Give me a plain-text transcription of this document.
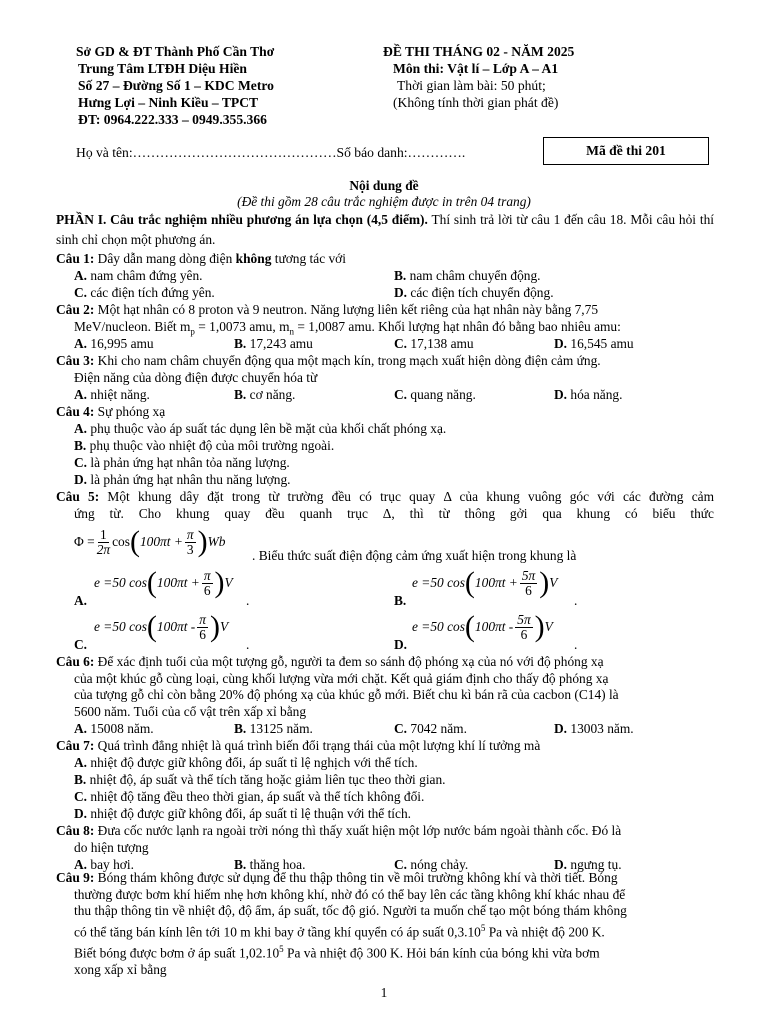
Sở GD & ĐT Thành Phố Cần Thơ
Trung Tâm LTĐH Diệu Hiền
Số 27 – Đường Số 1 – KDC Metro
Hưng Lợi – Ninh Kiều – TPCT
ĐT: 0964.222.333 – 0949.355.366
ĐỀ THI THÁNG 02 - NĂM 2025
Môn thi: Vật lí – Lớp A – A1
Thời gian làm bài: 50 phút;
(Không tính thời gian phát đề)
Họ và tên:………………………………………Số báo danh:………….	Mã đề thi 201
Nội dung đề
(Đề thi gồm 28 câu trắc nghiệm được in trên 04 trang)
PHẦN I. Câu trắc nghiệm nhiều phương án lựa chọn (4,5 điểm). Thí sinh trả lời từ câu 1 đến câu 18. Mỗi câu hỏi thí sinh chỉ chọn một phương án.
Câu 1: Dây dẫn mang dòng điện không tương tác với
A. nam châm đứng yên.	B. nam châm chuyển động.
C. các điện tích đứng yên.	D. các điện tích chuyển động.
Câu 2: Một hạt nhân có 8 proton và 9 neutron. Năng lượng liên kết riêng của hạt nhân này bằng 7,75
MeV/nucleon. Biết $m_p = 1,0073$ amu, $m_n = 1,0087$ amu. Khối lượng hạt nhân đó bằng bao nhiêu amu:
A. 16,995 amu	B. 17,243 amu	C. 17,138 amu	D. 16,545 amu
Câu 3: Khi cho nam châm chuyển động qua một mạch kín, trong mạch xuất hiện dòng điện cảm ứng.
Điện năng của dòng điện được chuyển hóa từ
A. nhiệt năng.	B. cơ năng.	C. quang năng.	D. hóa năng.
Câu 4: Sự phóng xạ
A. phụ thuộc vào áp suất tác dụng lên bề mặt của khối chất phóng xạ.
B. phụ thuộc vào nhiệt độ của môi trường ngoài.
C. là phản ứng hạt nhân tỏa năng lượng.
D. là phản ứng hạt nhân thu năng lượng.
Câu 5: Một khung dây đặt trong từ trường đều có trục quay Δ của khung vuông góc với các đường cảm
ứng từ. Cho khung quay đều quanh trục Δ, thì từ thông gởi qua khung có biểu thức
$\Phi = \frac{1}{2\pi}$ cos ( $100\pi t + \frac{\pi}{3}$ ) Wb
. Biểu thức suất điện động cảm ứng xuất hiện trong khung là
A.
e =50 cos ( $100\pi t + \frac{\pi}{6}$ ) V
.	B.
e =50 cos ( $100\pi t + \frac{5\pi}{6}$ ) V
.
C.
e =50 cos ( $100\pi t - \frac{\pi}{6}$ ) V
.	D.
e =50 cos ( $100\pi t - \frac{5\pi}{6}$ ) V
.
Câu 6: Để xác định tuổi của một tượng gỗ, người ta đem so sánh độ phóng xạ của nó với độ phóng xạ
của một khúc gỗ cùng loại, cùng khối lượng vừa mới chặt. Kết quả giám định cho thấy độ phóng xạ
của tượng gỗ chỉ còn bằng 20% độ phóng xạ của khúc gỗ mới. Biết chu kì bán rã của cacbon (C14) là
5600 năm. Tuổi của cổ vật trên xấp xỉ bằng
A. 15008 năm.	B. 13125 năm.	C. 7042 năm.	D. 13003 năm.
Câu 7: Quá trình đẳng nhiệt là quá trình biến đổi trạng thái của một lượng khí lí tưởng mà
A. nhiệt độ được giữ không đổi, áp suất tỉ lệ nghịch với thể tích.
B. nhiệt độ, áp suất và thể tích tăng hoặc giảm liên tục theo thời gian.
C. nhiệt độ tăng đều theo thời gian, áp suất và thể tích không đổi.
D. nhiệt độ được giữ không đổi, áp suất tỉ lệ thuận với thể tích.
Câu 8: Đưa cốc nước lạnh ra ngoài trời nóng thì thấy xuất hiện một lớp nước bám ngoài thành cốc. Đó là
do hiện tượng
A. bay hơi.	B. thăng hoa.	C. nóng chảy.	D. ngưng tụ.
Câu 9: Bóng thám không được sử dụng để thu thập thông tin về môi trường không khí và thời tiết. Bóng
thường được bơm khí hiếm nhẹ hơn không khí, nhờ đó có thể bay lên các tầng không khí khác nhau để
thu thập thông tin về nhiệt độ, độ ẩm, áp suất, tốc độ gió. Người ta muốn chế tạo một bóng thám không
có thể tăng bán kính lên tới 10 m khi bay ở tầng khí quyển có áp suất 0,3.10$^5$ Pa và nhiệt độ 200 K.
Biết bóng được bơm ở áp suất 1,02.10$^5$ Pa và nhiệt độ 300 K. Hỏi bán kính của bóng khi vừa bơm
xong xấp xỉ bằng
1
